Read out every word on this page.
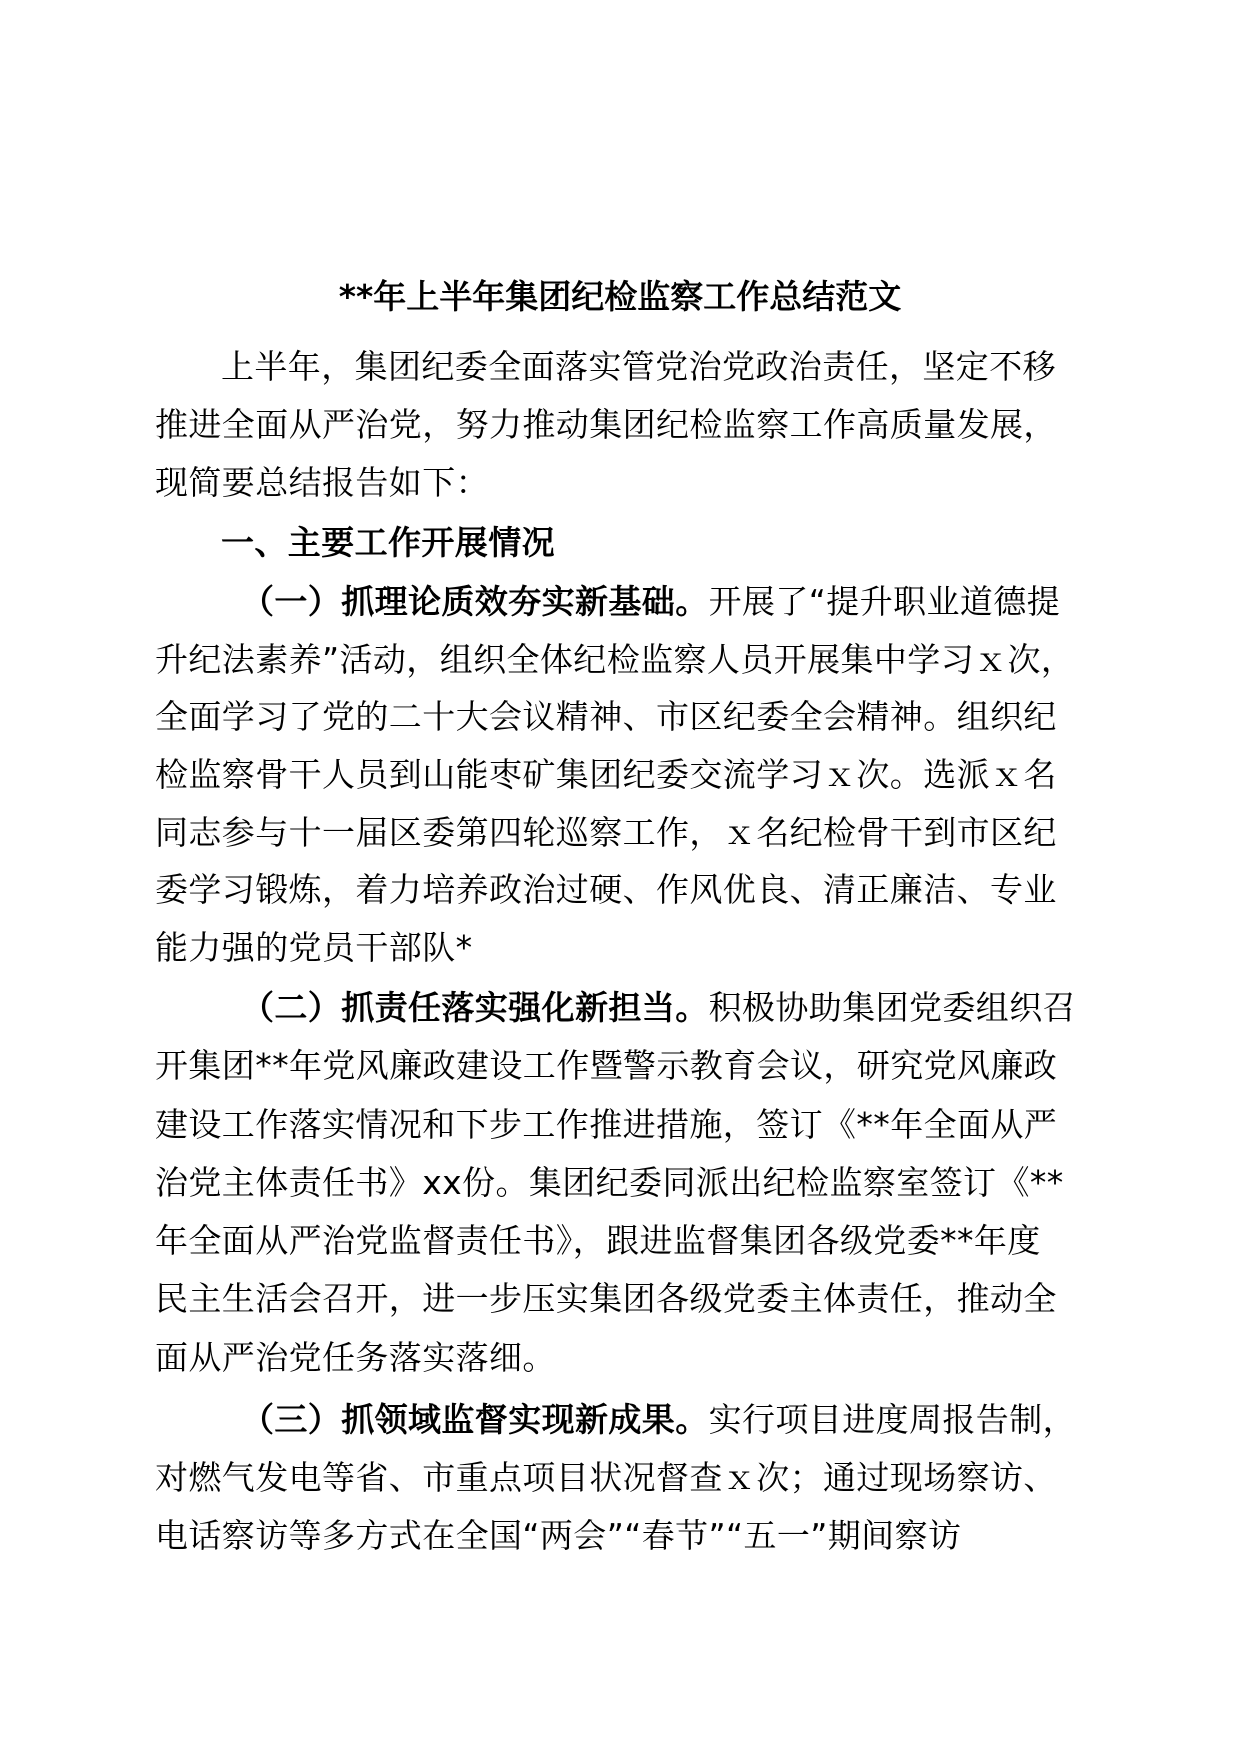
**年上半年集团纪检监察工作总结范文
上半年，集团纪委全面落实管党治党政治责任，坚定不移
推进全面从严治党，努力推动集团纪检监察工作高质量发展，
现简要总结报告如下：
一、主要工作开展情况
（一）抓理论质效夯实新基础。开展了“提升职业道德提
升纪法素养”活动，组织全体纪检监察人员开展集中学习ｘ次，
全面学习了党的二十大会议精神、市区纪委全会精神。组织纪
检监察骨干人员到山能枣矿集团纪委交流学习ｘ次。选派ｘ名
同志参与十一届区委第四轮巡察工作，ｘ名纪检骨干到市区纪
委学习锻炼，着力培养政治过硬、作风优良、清正廉洁、专业
能力强的党员干部队*
（二）抓责任落实强化新担当。积极协助集团党委组织召
开集团**年党风廉政建设工作暨警示教育会议，研究党风廉政
建设工作落实情况和下步工作推进措施，签订《**年全面从严
治党主体责任书》xx份。集团纪委同派出纪检监察室签订《**
年全面从严治党监督责任书》，跟进监督集团各级党委**年度
民主生活会召开，进一步压实集团各级党委主体责任，推动全
面从严治党任务落实落细。
（三）抓领域监督实现新成果。实行项目进度周报告制，
对燃气发电等省、市重点项目状况督查ｘ次；通过现场察访、
电话察访等多方式在全国“两会”“春节”“五一”期间察访
